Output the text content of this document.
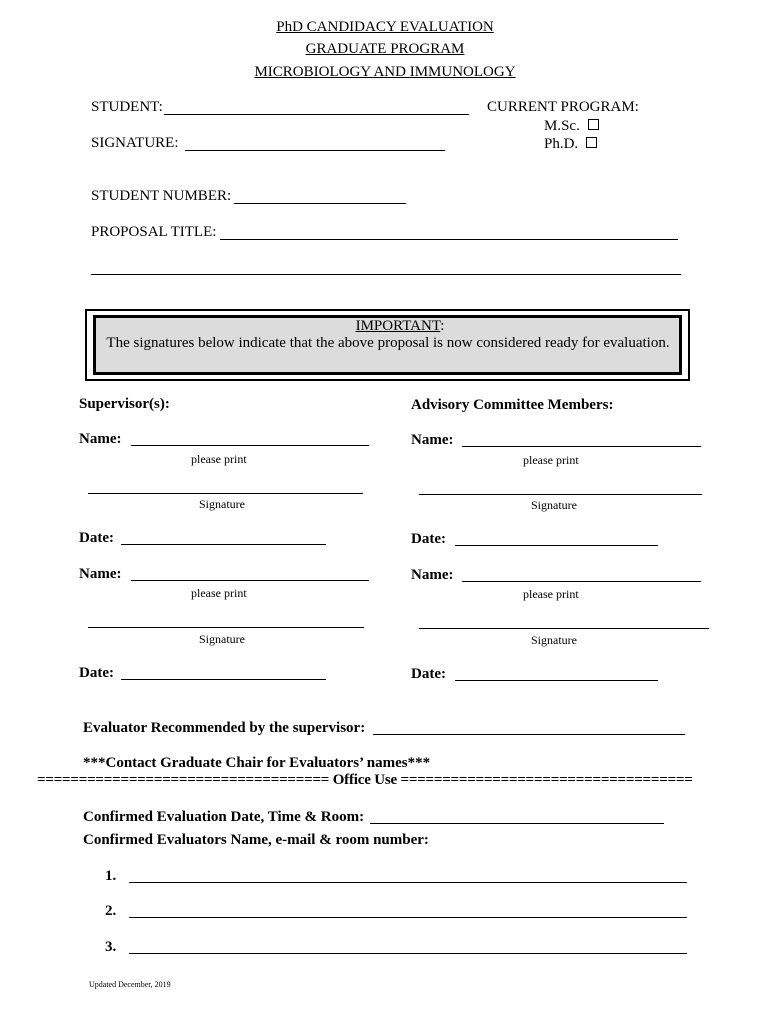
PhD CANDIDACY EVALUATION
GRADUATE PROGRAM
MICROBIOLOGY AND IMMUNOLOGY
STUDENT:	CURRENT PROGRAM:
M.Sc.
Ph.D.
SIGNATURE:
STUDENT NUMBER:
PROPOSAL TITLE:
IMPORTANT:
The signatures below indicate that the above proposal is now considered ready for evaluation.
Supervisor(s):	Advisory Committee Members:
Name:
please print
Signature
Date:
Name:
please print
Signature
Date:
Name:
please print
Signature
Date:
Name:
please print
Signature
Date:
Evaluator Recommended by the supervisor:
***Contact Graduate Chair for Evaluators’ names***
=================================== Office Use ===================================
Confirmed Evaluation Date, Time & Room:
Confirmed Evaluators Name, e-mail & room number:
1.
2.
3.
Updated December, 2019
